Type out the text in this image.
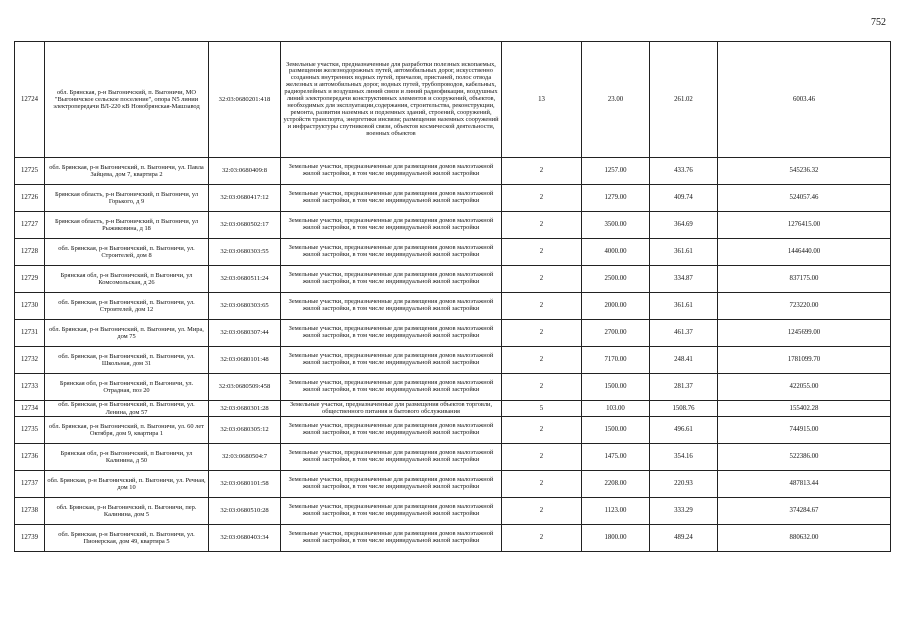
752
12724	обл. Брянская, р-н Выгоничский, п. Выгоничи, МО "Выгоничское сельское поселение", опора N5 линии электропередачи ВЛ-220 кВ Новобрянская-Машзавод	32:03:0680201:418	Земельные участки, предназначенные для разработки полезных ископаемых, размещения железнодорожных путей, автомобильных дорог, искусственно созданных внутренних водных путей, причалов, пристаней, полос отвода железных и автомобильных дорог, водных путей, трубопроводов, кабельных, радиорелейных и воздушных линий связи и линий радиофикации, воздушных линий электропередачи конструктивных элементов и сооружений, объектов, необходимых для эксплуатации,содержания, строительства, реконструкции, ремонта, развития наземных и подземных зданий, строений, сооружений, устройств транспорта, энергетики инсвязи; размещения наземных сооружений и инфраструктуры спутниковой связи, объектов космической деятельности, военных объектов	13	23.00	261.02	6003.46
12725	обл. Брянская, р-н Выгоничский, п. Выгоничи, ул. Павла Зайцева, дом 7, квартира 2	32:03:0680409:8	Земельные участки, предназначенные для размещения домов малоэтажной жилой застройки, в том числе индивидуальной жилой застройки	2	1257.00	433.76	545236.32
12726	Брянская область, р-н Выгоничский, п Выгоничи, ул Горького, д 9	32:03:0680417:12	Земельные участки, предназначенные для размещения домов малоэтажной жилой застройки, в том числе индивидуальной жилой застройки	2	1279.00	409.74	524057.46
12727	Брянская область, р-н Выгоничский, п Выгоничи, ул Рыжиковина, д 18	32:03:0680502:17	Земельные участки, предназначенные для размещения домов малоэтажной жилой застройки, в том числе индивидуальной жилой застройки	2	3500.00	364.69	1276415.00
12728	обл. Брянская, р-н Выгоничский, п. Выгоничи, ул. Строителей, дом 8	32:03:0680303:55	Земельные участки, предназначенные для размещения домов малоэтажной жилой застройки, в том числе индивидуальной жилой застройки	2	4000.00	361.61	1446440.00
12729	Брянская обл, р-н Выгоничский, п Выгоничи, ул Комсомольская, д 26	32:03:0680511:24	Земельные участки, предназначенные для размещения домов малоэтажной жилой застройки, в том числе индивидуальной жилой застройки	2	2500.00	334.87	837175.00
12730	обл. Брянская, р-н Выгоничский, п. Выгоничи, ул. Строителей, дом 12	32:03:0680303:65	Земельные участки, предназначенные для размещения домов малоэтажной жилой застройки, в том числе индивидуальной жилой застройки	2	2000.00	361.61	723220.00
12731	обл. Брянская, р-н Выгоничский, п. Выгоничи, ул. Мира, дом 75	32:03:0680307:44	Земельные участки, предназначенные для размещения домов малоэтажной жилой застройки, в том числе индивидуальной жилой застройки	2	2700.00	461.37	1245699.00
12732	обл. Брянская, р-н Выгоничский, п. Выгоничи, ул. Школьная, дом 31	32:03:0680101:48	Земельные участки, предназначенные для размещения домов малоэтажной жилой застройки, в том числе индивидуальной жилой застройки	2	7170.00	248.41	1781099.70
12733	Брянская обл, р-н Выгоничский, п Выгоничи, ул. Отрадная, поз 20	32:03:0680509:458	Земельные участки, предназначенные для размещения домов малоэтажной жилой застройки, в том числе индивидуальной жилой застройки	2	1500.00	281.37	422055.00
12734	обл. Брянская, р-н Выгоничский, п. Выгоничи, ул. Ленина, дом 57	32:03:0680301:28	Земельные участки, предназначенные для размещения объектов торговли, общественного питания и бытового обслуживания	5	103.00	1508.76	155402.28
12735	обл. Брянская, р-н Выгоничский, п. Выгоничи, ул. 60 лет Октября, дом 9, квартира 1	32:03:0680305:12	Земельные участки, предназначенные для размещения домов малоэтажной жилой застройки, в том числе индивидуальной жилой застройки	2	1500.00	496.61	744915.00
12736	Брянская обл, р-н Выгоничский, п Выгоничи, ул Калинина, д 50	32:03:0680504:7	Земельные участки, предназначенные для размещения домов малоэтажной жилой застройки, в том числе индивидуальной жилой застройки	2	1475.00	354.16	522386.00
12737	обл. Брянская, р-н Выгоничский, п. Выгоничи, ул. Речная, дом 10	32:03:0680101:58	Земельные участки, предназначенные для размещения домов малоэтажной жилой застройки, в том числе индивидуальной жилой застройки	2	2208.00	220.93	487813.44
12738	обл. Брянская, р-н Выгоничский, п. Выгоничи, пер. Калинина, дом 5	32:03:0680510:28	Земельные участки, предназначенные для размещения домов малоэтажной жилой застройки, в том числе индивидуальной жилой застройки	2	1123.00	333.29	374284.67
12739	обл. Брянская, р-н Выгоничский, п. Выгоничи, ул. Пионерская, дом 49, квартира 5	32:03:0680403:34	Земельные участки, предназначенные для размещения домов малоэтажной жилой застройки, в том числе индивидуальной жилой застройки	2	1800.00	489.24	880632.00
